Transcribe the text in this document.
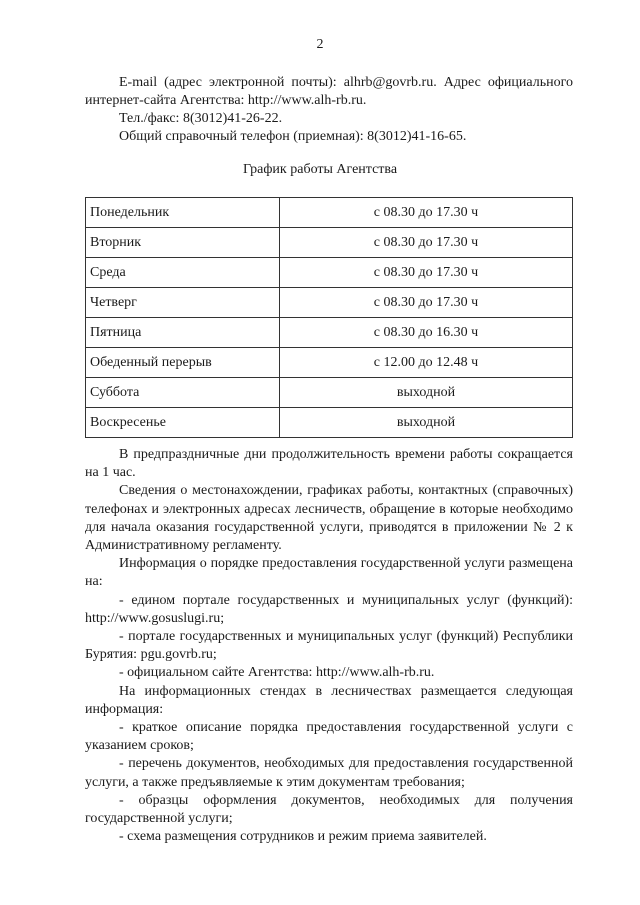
2

E-mail (адрес электронной почты): alhrb@govrb.ru. Адрес официального интернет-сайта Агентства: http://www.alh-rb.ru.

Тел./факс: 8(3012)41-26-22.

Общий справочный телефон (приемная): 8(3012)41-16-65.

График работы Агентства
Понедельник	с 08.30 до 17.30 ч
Вторник	с 08.30 до 17.30 ч
Среда	с 08.30 до 17.30 ч
Четверг	с 08.30 до 17.30 ч
Пятница	с 08.30 до 16.30 ч
Обеденный перерыв	с 12.00 до 12.48 ч
Суббота	выходной
Воскресенье	выходной

В предпраздничные дни продолжительность времени работы сокращается на 1 час.

Сведения о местонахождении, графиках работы, контактных (справочных) телефонах и электронных адресах лесничеств, обращение в которые необходимо для начала оказания государственной услуги, приводятся в приложении № 2 к Административному регламенту.

Информация о порядке предоставления государственной услуги размещена на:

- едином портале государственных и муниципальных услуг (функций): http://www.gosuslugi.ru;

- портале государственных и муниципальных услуг (функций) Республики Бурятия: pgu.govrb.ru;

- официальном сайте Агентства: http://www.alh-rb.ru.

На информационных стендах в лесничествах размещается следующая информация:

- краткое описание порядка предоставления государственной услуги с указанием сроков;

- перечень документов, необходимых для предоставления государственной услуги, а также предъявляемые к этим документам требования;

- образцы оформления документов, необходимых для получения государственной услуги;

- схема размещения сотрудников и режим приема заявителей.
